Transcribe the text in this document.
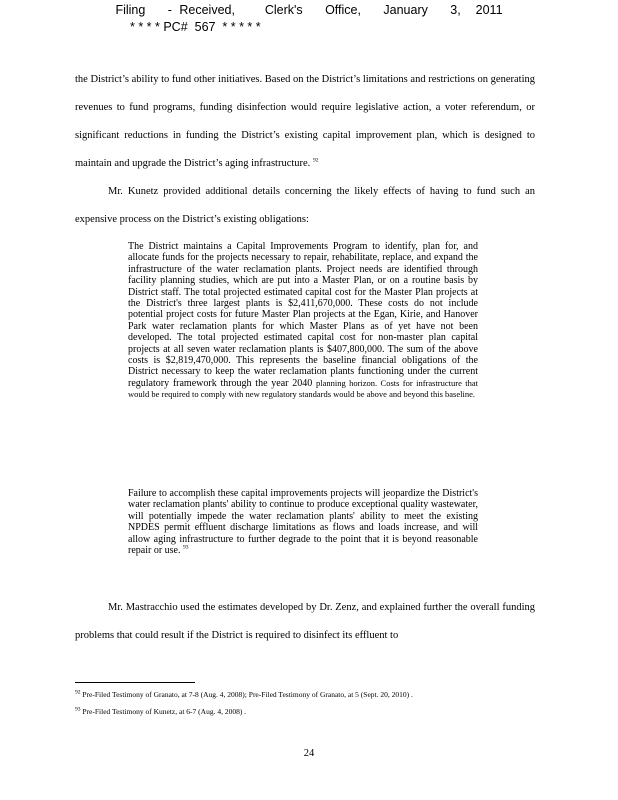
Filing   - Received,    Clerk's   Office,   January   3,  2011
* * * * PC#  567  * * * * *
the District’s ability to fund other initiatives. Based on the District’s limitations and restrictions on generating revenues to fund programs, funding disinfection would require legislative action, a voter referendum, or significant reductions in funding the District’s existing capital improvement plan, which is designed to maintain and upgrade the District’s aging infrastructure. $^{92}$
Mr. Kunetz provided additional details concerning the likely effects of having to fund such an expensive process on the District’s existing obligations:
The District maintains a Capital Improvements Program to identify, plan for, and allocate funds for the projects necessary to repair, rehabilitate, replace, and expand the infrastructure of the water reclamation plants. Project needs are identified through facility planning studies, which are put into a Master Plan, or on a routine basis by District staff. The total projected estimated capital cost for the Master Plan projects at the District's three largest plants is $2,411,670,000. These costs do not include potential project costs for future Master Plan projects at the Egan, Kirie, and Hanover Park water reclamation plants for which Master Plans as of yet have not been developed. The total projected estimated capital cost for non-master plan capital projects at all seven water reclamation plants is $407,800,000. The sum of the above costs is $2,819,470,000. This represents the baseline financial obligations of the District necessary to keep the water reclamation plants functioning under the current regulatory framework through the year 2040 planning horizon. Costs for infrastructure that would be required to comply with new regulatory standards would be above and beyond this baseline.
Failure to accomplish these capital improvements projects will jeopardize the District's water reclamation plants' ability to continue to produce exceptional quality wastewater, will potentially impede the water reclamation plants' ability to meet the existing NPDES permit effluent discharge limitations as flows and loads increase, and will allow aging infrastructure to further degrade to the point that it is beyond reasonable repair or use. $^{93}$
Mr. Mastracchio used the estimates developed by Dr. Zenz, and explained further the overall funding problems that could result if the District is required to disinfect its effluent to
$^{92}$ Pre-Filed Testimony of Granato, at 7-8 (Aug. 4, 2008); Pre-Filed Testimony of Granato, at 5 (Sept. 20, 2010) .
$^{93}$ Pre-Filed Testimony of Kunetz, at 6-7 (Aug. 4, 2008) .
24
